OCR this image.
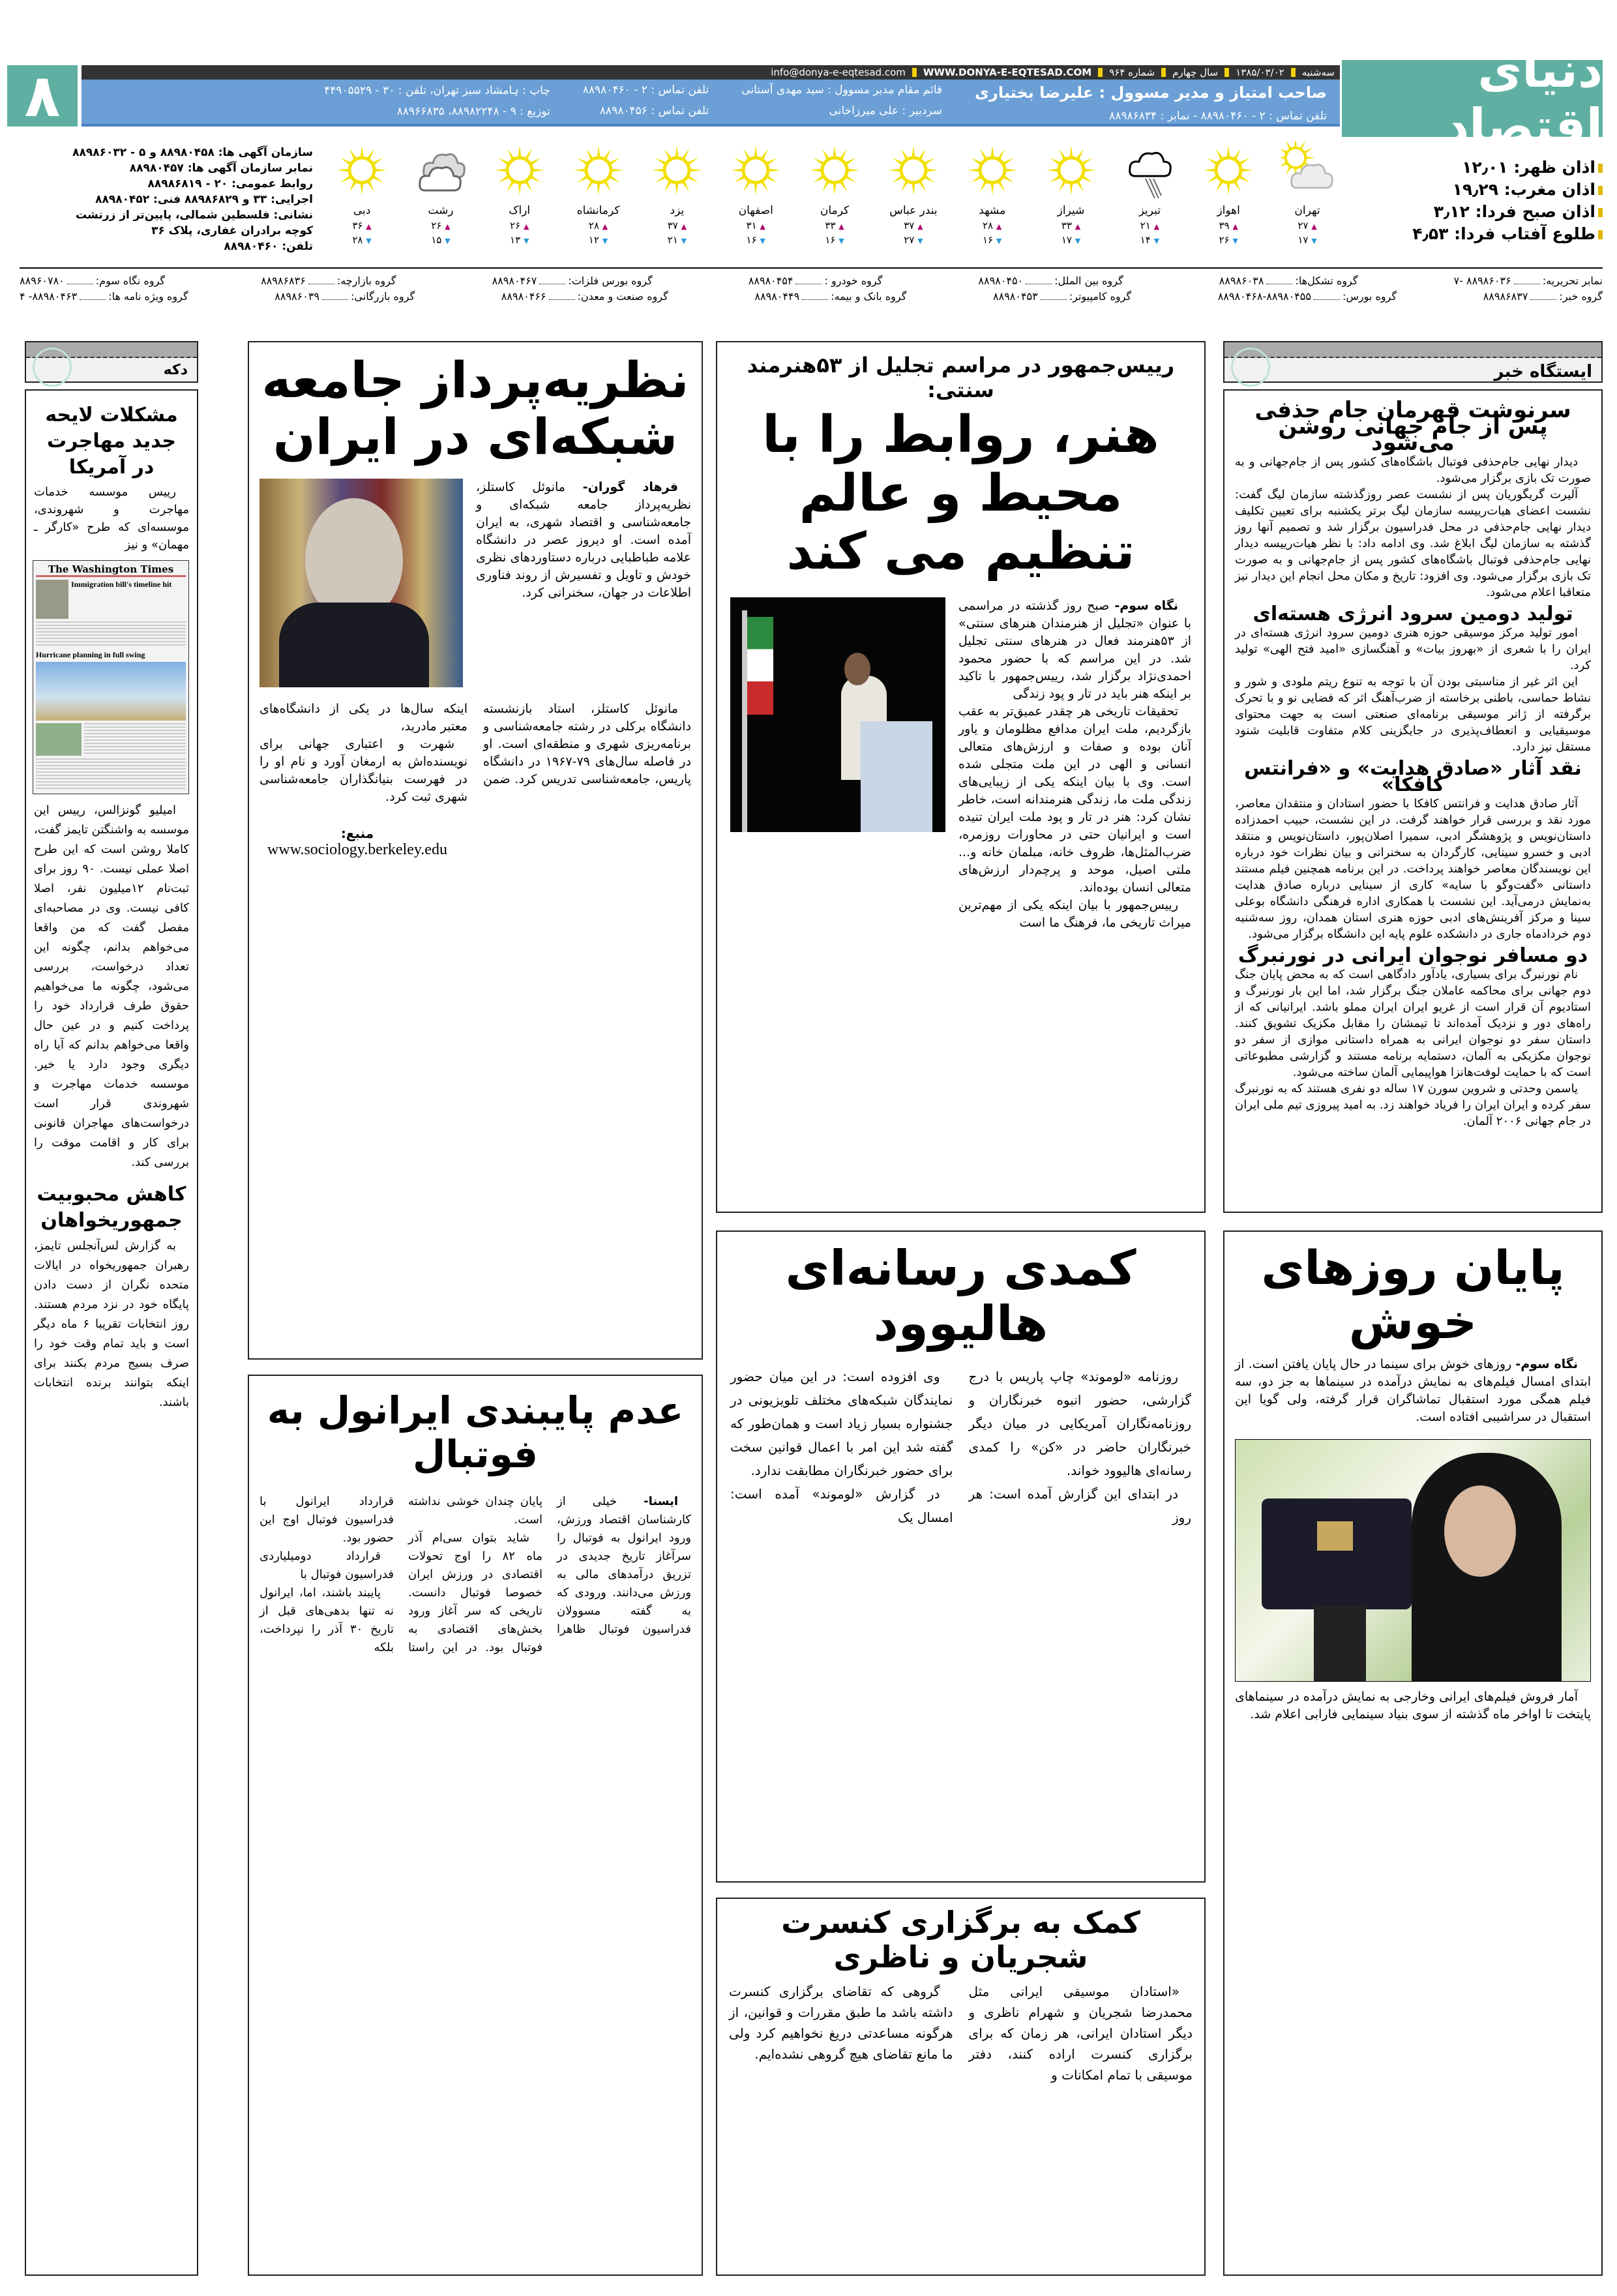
۸	سه‌شنبه
۱۳۸۵/۰۳/۰۲
سال چهارم
شماره ۹۶۴
WWW.DONYA-E-EQTESAD.COM
info@donya-e-eqtesad.com
صاحب امتیاز و مدیر مسوول : علیرضا بختیاری
تلفن تماس : ۲ - ۸۸۹۸۰۴۶۰ - نمابر : ۸۸۹۸۶۸۳۴
قائم مقام مدیر مسوول : سید مهدی آستانی
سردبیر : علی میرزاخانی
تلفن تماس : ۲ - ۸۸۹۸۰۴۶۰
تلفن تماس : ۸۸۹۸۰۴۵۶
چاپ : ہامشاد سبز تهران، تلفن : ۳۰ - ۴۴۹۰۵۵۲۹
توزیع : ۹ - ۸۸۹۸۲۲۴۸، ۸۸۹۶۶۸۳۵
دنیای اقتصاد
سازمان آگهی ها: ۸۸۹۸۰۴۵۸ و ۵ - ۸۸۹۸۶۰۳۲
نمابر سازمان آگهی ها: ۸۸۹۸۰۴۵۷
روابط عمومی: ۲۰ - ۸۸۹۸۶۸۱۹
اجرایی: ۳۳ و ۸۸۹۸۶۸۲۹ فنی: ۸۸۹۸۰۴۵۲
نشانی: فلسطین شمالی، پایین‌تر از زرتشت
کوچه برادران غفاری، پلاک ۳۶
تلفن: ۸۸۹۸۰۴۶۰
تهران
▲ ۲۷
▼ ۱۷
اهواز
▲ ۳۹
▼ ۲۶
تبریز
▲ ۲۱
▼ ۱۴
شیراز
▲ ۳۳
▼ ۱۷
مشهد
▲ ۲۸
▼ ۱۶
بندر عباس
▲ ۳۷
▼ ۲۷
کرمان
▲ ۳۳
▼ ۱۶
اصفهان
▲ ۳۱
▼ ۱۶
یزد
▲ ۳۷
▼ ۲۱
کرمانشاه
▲ ۲۸
▼ ۱۲
اراک
▲ ۲۶
▼ ۱۳
رشت
▲ ۲۶
▼ ۱۵
دبی
▲ ۳۶
▼ ۲۸
اذان ظهر: ۱۲٫۰۱
اذان مغرب: ۱۹٫۲۹
اذان صبح فردا: ۳٫۱۲
طلوع آفتاب فردا: ۴٫۵۳
نمابر تحریریه:۸۸۹۸۶۰۳۶ -۷
گروه تشکل‌ها:۸۸۹۸۶۰۳۸
گروه بین الملل:۸۸۹۸۰۴۵۰
گروه خودرو :۸۸۹۸۰۴۵۴
گروه بورس فلزات:۸۸۹۸۰۴۶۷
گروه بازارچه:۸۸۹۸۶۸۳۶
گروه نگاه سوم:۸۸۹۶۰۷۸۰
گروه خبر:۸۸۹۸۶۸۳۷
گروه بورس:۸۸۹۸۰۴۵۵-۸۸۹۸۰۴۶۸
گروه کامپیوتر:۸۸۹۸۰۴۵۳
گروه بانک و بیمه:۸۸۹۸۰۴۴۹
گروه صنعت و معدن:۸۸۹۸۰۴۶۶
گروه بازرگانی:۸۸۹۸۶۰۳۹
گروه ویژه نامه ها:۸۸۹۸۰۴۶۳- ۴
ایستگاه خبر
سرنوشت قهرمان جام حذفی پس از جام جهانی روشن می‌شود

دیدار نهایی جام‌حذفی فوتبال باشگاه‌های کشور پس از جام‌جهانی و به صورت تک بازی برگزار می‌شود.

آلیرت گریگوریان پس از نشست عصر روزگذشته سازمان لیگ گفت: نشست اعضای هیات‌رییسه سازمان لیگ برتر یکشنبه برای تعیین تکلیف دیدار نهایی جام‌حذفی در محل فدراسیون برگزار شد و تصمیم آنها روز گذشته به سازمان لیگ ابلاغ شد. وی ادامه داد: با نظر هیات‌رییسه دیدار نهایی جام‌حذفی فوتبال باشگاه‌های کشور پس از جام‌جهانی و به صورت تک بازی برگزار می‌شود. وی افزود: تاریخ و مکان محل انجام این دیدار نیز متعاقبا اعلام می‌شود.

تولید دومین سرود انرژی هسته‌ای

امور تولید مرکز موسیقی حوزه هنری دومین سرود انرژی هسته‌ای در ایران را با شعری از «بهروز بیات» و آهنگسازی «امید فتح الهی» تولید کرد.

این اثر غیر از مناسبتی بودن آن با توجه به تنوع ریتم ملودی و شور و نشاط حماسی، باطنی برخاسته از ضرب‌آهنگ اثر که فضایی نو و با تحرک برگرفته از ژانر موسیقی برنامه‌ای صنعتی است به جهت محتوای موسیقیایی و انعطاف‌پذیری در جایگزینی کلام متفاوت قابلیت شنود مستقل نیز دارد.

نقد آثار «صادق هدایت» و «فرانتس کافکا»

آثار صادق هدایت و فرانتس کافکا با حضور استادان و منتقدان معاصر، مورد نقد و بررسی قرار خواهند گرفت. در این نشست، حبیب احمدزاده داستان‌نویس و پژوهشگر ادبی، سمیرا اصلان‌پور، داستان‌نویس و منتقد ادبی و خسرو سینایی، کارگردان به سخنرانی و بیان نظرات خود درباره این نویسندگان معاصر خواهند پرداخت. در این برنامه همچنین فیلم مستند داستانی «گفت‌وگو با سایه» کاری از سینایی درباره صادق هدایت به‌نمایش درمی‌آید. این نشست با همکاری اداره فرهنگی دانشگاه بوعلی سینا و مرکز آفرینش‌های ادبی حوزه هنری استان همدان، روز سه‌شنبه دوم خردادماه جاری در دانشکده علوم پایه این دانشگاه برگزار می‌شود.

دو مسافر نوجوان ایرانی در نورنبرگ

نام نورنبرگ برای بسیاری، یادآور دادگاهی است که به محض پایان جنگ دوم جهانی برای محاکمه عاملان جنگ برگزار شد، اما این بار نورنبرگ و استادیوم آن قرار است از غریو ایران ایران مملو باشد. ایرانیانی که از راه‌های دور و نزدیک آمده‌اند تا تیمشان را مقابل مکزیک تشویق کنند. داستان سفر دو نوجوان ایرانی به همراه داستانی موازی از سفر دو نوجوان مکزیکی به آلمان، دستمایه برنامه مستند و گزارشی مطبوعاتی است که با حمایت لوفت‌هانزا هواپیمایی آلمان ساخته می‌شود.

یاسمن وحدتی و شروین سورن ۱۷ ساله دو نفری هستند که به نورنبرگ سفر کرده و ایران ایران را فریاد خواهند زد. به امید پیروزی تیم ملی ایران در جام جهانی ۲۰۰۶ آلمان.

پایان روزهای خوش

نگاه سوم- روزهای خوش برای سینما در حال پایان یافتن است. از ابتدای امسال فیلم‌های به نمایش درآمده در سینماها به جز دو، سه فیلم همگی مورد استقبال تماشاگران قرار گرفته، ولی گویا این استقبال در سراشیبی افتاده است.

آمار فروش فیلم‌های ایرانی وخارجی به نمایش درآمده در سینماهای پایتخت تا اواخر ماه گذشته از سوی بنیاد سینمایی فارابی اعلام شد.

رییس‌جمهور در مراسم تجلیل از ۵۳هنرمند سنتی:
هنر، روابط را با محیط و عالم تنظیم می کند

نگاه سوم- صبح روز گذشته در مراسمی با عنوان «تجلیل از هنرمندان هنرهای سنتی» از ۵۳هنرمند فعال در هنرهای سنتی تجلیل شد. در این مراسم که با حضور محمود احمدی‌نژاد برگزار شد، رییس‌جمهور با تاکید بر اینکه هنر باید در تار و پود زندگی

تحقیقات تاریخی هر چقدر عمیق‌تر به عقب بازگردیم، ملت ایران مدافع مظلومان و یاور آنان بوده و صفات و ارزش‌های متعالی انسانی و الهی در این ملت متجلی شده است. وی با بیان اینکه یکی از زیبایی‌های زندگی ملت ما، زندگی هنرمندانه است، خاطر نشان کرد: هنر در تار و پود ملت ایران تنیده است و ایرانیان حتی در محاورات روزمره، ضرب‌المثل‌ها، ظروف خانه، مبلمان خانه و... ملتی اصیل، موحد و پرچم‌دار ارزش‌های متعالی انسان بوده‌اند.

رییس‌جمهور با بیان اینکه یکی از مهم‌ترین میراث تاریخی ما، فرهنگ ما است

کمدی رسانه‌ای هالیوود

روزنامه «لوموند» چاپ پاریس با درج گزارشی، حضور انبوه خبرنگاران و روزنامه‌نگاران آمریکایی در میان دیگر خبرنگاران حاضر در «کن» را کمدی رسانه‌ای هالیوود خواند.

در ابتدای این گزارش آمده است: هر روز

وی افزوده است: در این میان حضور نمایندگان شبکه‌های مختلف تلویزیونی در جشنواره بسیار زیاد است و همان‌طور که گفته شد این امر با اعمال قوانین سخت برای حضور خبرنگاران مطابقت ندارد.

در گزارش «لوموند» آمده است: امسال یک

کمک به برگزاری کنسرت شجریان و ناظری

«استادان موسیقی ایرانی مثل محمدرضا شجریان و شهرام ناظری و دیگر استادان ایرانی، هر زمان که برای برگزاری کنسرت اراده کنند، دفتر موسیقی با تمام امکانات و

گروهی که تقاضای برگزاری کنسرت داشته باشد ما طبق مقررات و قوانین، از هرگونه مساعدتی دریغ نخواهیم کرد ولی ما مانع تقاضای هیچ گروهی نشده‌ایم.

نظریه‌پرداز جامعه شبکه‌ای در ایران

فرهاد گوران- مانوئل کاستلز، نظریه‌پرداز جامعه شبکه‌ای و جامعه‌شناسی و اقتصاد شهری، به ایران آمده است. او دیروز عصر در دانشگاه علامه طباطبایی درباره دستاوردهای نظری خودش و تاویل و تفسیرش از روند فناوری اطلاعات در جهان، سخنرانی کرد.

مانوئل کاستلز، استاد بازنشسته دانشگاه برکلی در رشته جامعه‌شناسی و برنامه‌ریزی شهری و منطقه‌ای است. او در فاصله سال‌های ۷۹-۱۹۶۷ در دانشگاه پاریس، جامعه‌شناسی تدریس کرد. ضمن اینکه سال‌ها در یکی از دانشگاه‌های معتبر مادرید،

شهرت و اعتباری جهانی برای نویسنده‌اش به ارمغان آورد و نام او را در فهرست بنیانگذاران جامعه‌شناسی شهری ثبت کرد.

منبع:
www.sociology.berkeley.edu
عدم پایبندی ایرانول به فوتبال

ایسنا- خیلی از کارشناسان اقتصاد ورزش، ورود ایرانول به فوتبال را سرآغاز تاریخ جدیدی در تزریق درآمدهای مالی به ورزش می‌دانند. ورودی که به گفته مسوولان فدراسیون فوتبال ظاهرا پایان چندان خوشی نداشته است.

شاید بتوان سی‌ام آذر ماه ۸۲ را اوج تحولات اقتصادی در ورزش ایران خصوصا فوتبال دانست. تاریخی که سر آغاز ورود بخش‌های اقتصادی به فوتبال بود. در این راستا قرارداد ایرانول با فدراسیون فوتبال اوج این حضور بود.

قرارداد دومیلیاردی فدراسیون فوتبال با

پایبند باشند، اما، ایرانول نه تنها بدهی‌های قبل از تاریخ ۳۰ آذر را نپرداخت، بلکه

دکه
مشکلات لایحه جدید مهاجرت در آمریکا

رییس موسسه خدمات مهاجرت و شهروندی، موسسه‌ای که طرح «کارگر ـ مهمان» و نیز

The Washington Times
Immigration bill's timeline hit
Hurricane planning in full swing

امیلیو گونزالس، رییس این موسسه به واشنگتن تایمز گفت، کاملا روشن است که این طرح اصلا عملی نیست. ۹۰ روز برای ثبت‌نام ۱۲میلیون نفر، اصلا کافی نیست. وی در مصاحبه‌ای مفصل گفت که من واقعا می‌خواهم بدانم، چگونه این تعداد درخواست، بررسی می‌شود، چگونه ما می‌خواهیم حقوق طرف قرارداد خود را پرداخت کنیم و در عین حال واقعا می‌خواهم بدانم که آیا راه دیگری وجود دارد یا خیر. موسسه خدمات مهاجرت و شهروندی قرار است درخواست‌های مهاجران قانونی برای کار و اقامت موقت را بررسی کند.

کاهش محبوبیت جمهوریخواهان

به گزارش لس‌آنجلس تایمز، رهبران جمهوریخواه در ایالات متحده نگران از دست دادن پایگاه خود در نزد مردم هستند. روز انتخابات تقریبا ۶ ماه دیگر است و باید تمام وقت خود را صرف بسیج مردم بکنند برای اینکه بتوانند برنده انتخابات باشند.
